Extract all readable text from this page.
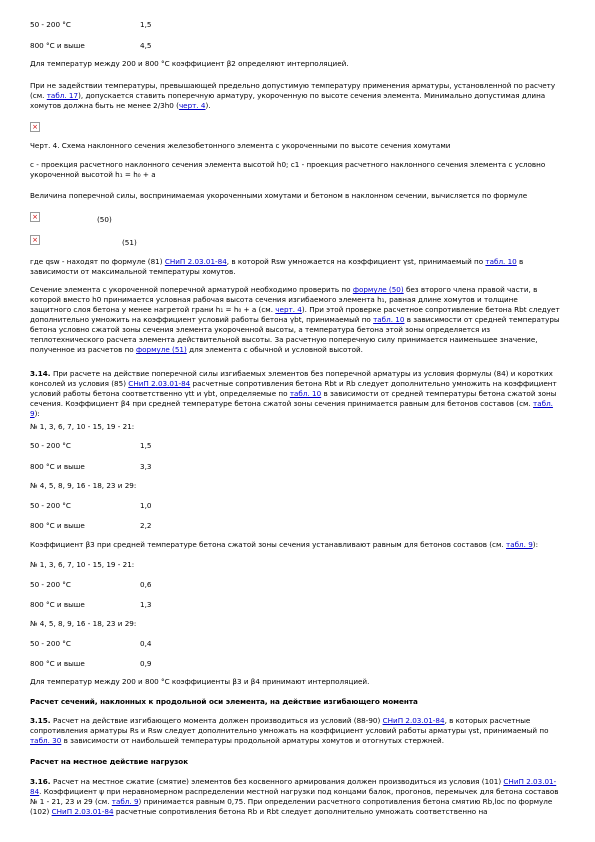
50 - 200 °С	1,5
800 °С и выше	4,5
Для температур между 200 и 800 °С коэффициент β2 определяют интерполяцией.
При не задействии температуры, превышающей предельно допустимую температуру применения арматуры, установленной по расчету (см. табл. 17), допускается ставить поперечную арматуру, укороченную по высоте сечения элемента. Минимально допустимая длина хомутов должна быть не менее 2/3h0 (черт. 4).
×
Черт. 4. Схема наклонного сечения железобетонного элемента с укороченными по высоте сечения хомутами
c - проекция расчетного наклонного сечения элемента высотой h0; c1 - проекция расчетного наклонного сечения элемента с условно укороченной высотой h₁ = h₀ + a
Величина поперечной силы, воспринимаемая укороченными хомутами и бетоном в наклонном сечении, вычисляется по формуле
×	(50)
×	(51)
где qsw - находят по формуле (81) СНиП 2.03.01-84, в которой Rsw умножается на коэффициент γst, принимаемый по табл. 10 в зависимости от максимальной температуры хомутов.
Сечение элемента с укороченной поперечной арматурой необходимо проверить по формуле (50) без второго члена правой части, в которой вместо h0 принимается условная рабочая высота сечения изгибаемого элемента h₁, равная длине хомутов и толщине защитного слоя бетона у менее нагретой грани h₁ = h₀ + a (см. черт. 4). При этой проверке расчетное сопротивление бетона Rbt следует дополнительно умножить на коэффициент условий работы бетона γbt, принимаемый по табл. 10 в зависимости от средней температуры бетона условно сжатой зоны сечения элемента укороченной высоты, а температура бетона этой зоны определяется из теплотехнического расчета элемента действительной высоты. За расчетную поперечную силу принимается наименьшее значение, полученное из расчетов по формуле (51) для элемента с обычной и условной высотой.
3.14. При расчете на действие поперечной силы изгибаемых элементов без поперечной арматуры из условия формулы (84) и коротких консолей из условия (85) СНиП 2.03.01-84 расчетные сопротивления бетона Rbt и Rb следует дополнительно умножить на коэффициент условий работы бетона соответственно γtt и γbt, определяемые по табл. 10 в зависимости от средней температуры бетона сжатой зоны сечения. Коэффициент β4 при средней температуре бетона сжатой зоны сечения принимается равным для бетонов составов (см. табл. 9):
№ 1, 3, 6, 7, 10 - 15, 19 - 21:
50 - 200 °С	1,5
800 °С и выше	3,3
№ 4, 5, 8, 9, 16 - 18, 23 и 29:
50 - 200 °С	1,0
800 °С и выше	2,2
Коэффициент β3 при средней температуре бетона сжатой зоны сечения устанавливают равным для бетонов составов (см. табл. 9):
№ 1, 3, 6, 7, 10 - 15, 19 - 21:
50 - 200 °С	0,6
800 °С и выше	1,3
№ 4, 5, 8, 9, 16 - 18, 23 и 29:
50 - 200 °С	0,4
800 °С и выше	0,9
Для температур между 200 и 800 °С коэффициенты β3 и β4 принимают интерполяцией.
Расчет сечений, наклонных к продольной оси элемента, на действие изгибающего момента
3.15. Расчет на действие изгибающего момента должен производиться из условий (88-90) СНиП 2.03.01-84, в которых расчетные сопротивления арматуры Rs и Rsw следует дополнительно умножать на коэффициент условий работы арматуры γst, принимаемый по табл. 30 в зависимости от наибольшей температуры продольной арматуры хомутов и отогнутых стержней.
Расчет на местное действие нагрузок
3.16. Расчет на местное сжатие (смятие) элементов без косвенного армирования должен производиться из условия (101) СНиП 2.03.01-84. Коэффициент ψ при неравномерном распределении местной нагрузки под концами балок, прогонов, перемычек для бетона составов № 1 - 21, 23 и 29 (см. табл. 9) принимается равным 0,75. При определении расчетного сопротивления бетона смятию Rb,loc по формуле (102) СНиП 2.03.01-84 расчетные сопротивления бетона Rb и Rbt следует дополнительно умножать соответственно на
